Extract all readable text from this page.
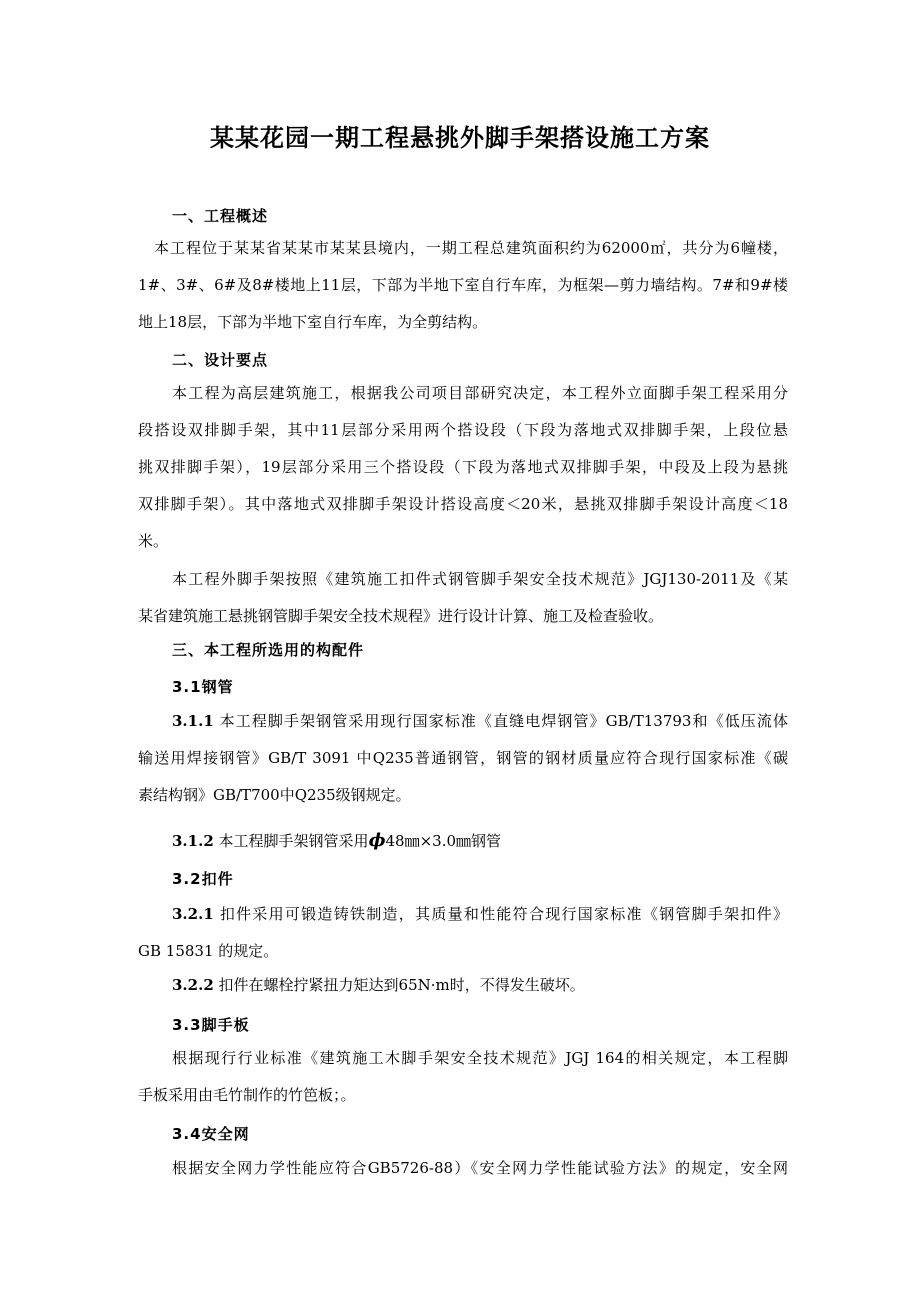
某某花园一期工程悬挑外脚手架搭设施工方案
一、工程概述
本工程位于某某省某某市某某县境内，一期工程总建筑面积约为62000㎡，共分为6幢楼，
1#、3#、6#及8#楼地上11层，下部为半地下室自行车库，为框架—剪力墙结构。7#和9#楼
地上18层，下部为半地下室自行车库，为全剪结构。
二、设计要点
本工程为高层建筑施工，根据我公司项目部研究决定，本工程外立面脚手架工程采用分
段搭设双排脚手架，其中11层部分采用两个搭设段（下段为落地式双排脚手架，上段位悬
挑双排脚手架），19层部分采用三个搭设段（下段为落地式双排脚手架，中段及上段为悬挑
双排脚手架）。其中落地式双排脚手架设计搭设高度＜20米，悬挑双排脚手架设计高度＜18
米。
本工程外脚手架按照《建筑施工扣件式钢管脚手架安全技术规范》JGJ130-2011及《某
某省建筑施工悬挑钢管脚手架安全技术规程》进行设计计算、施工及检查验收。
三、本工程所选用的构配件
3.1钢管
3.1.1 本工程脚手架钢管采用现行国家标准《直缝电焊钢管》GB/T13793和《低压流体
输送用焊接钢管》GB/T 3091 中Q235普通钢管，钢管的钢材质量应符合现行国家标准《碳
素结构钢》GB/T700中Q235级钢规定。
3.1.2 本工程脚手架钢管采用ϕ48㎜×3.0㎜钢管
3.2扣件
3.2.1 扣件采用可锻造铸铁制造，其质量和性能符合现行国家标准《钢管脚手架扣件》
GB 15831 的规定。
3.2.2 扣件在螺栓拧紧扭力矩达到65N·m时，不得发生破坏。
3.3脚手板
根据现行行业标准《建筑施工木脚手架安全技术规范》JGJ 164的相关规定，本工程脚
手板采用由毛竹制作的竹笆板；。
3.4安全网
根据安全网力学性能应符合GB5726-88）《安全网力学性能试验方法》的规定，安全网
